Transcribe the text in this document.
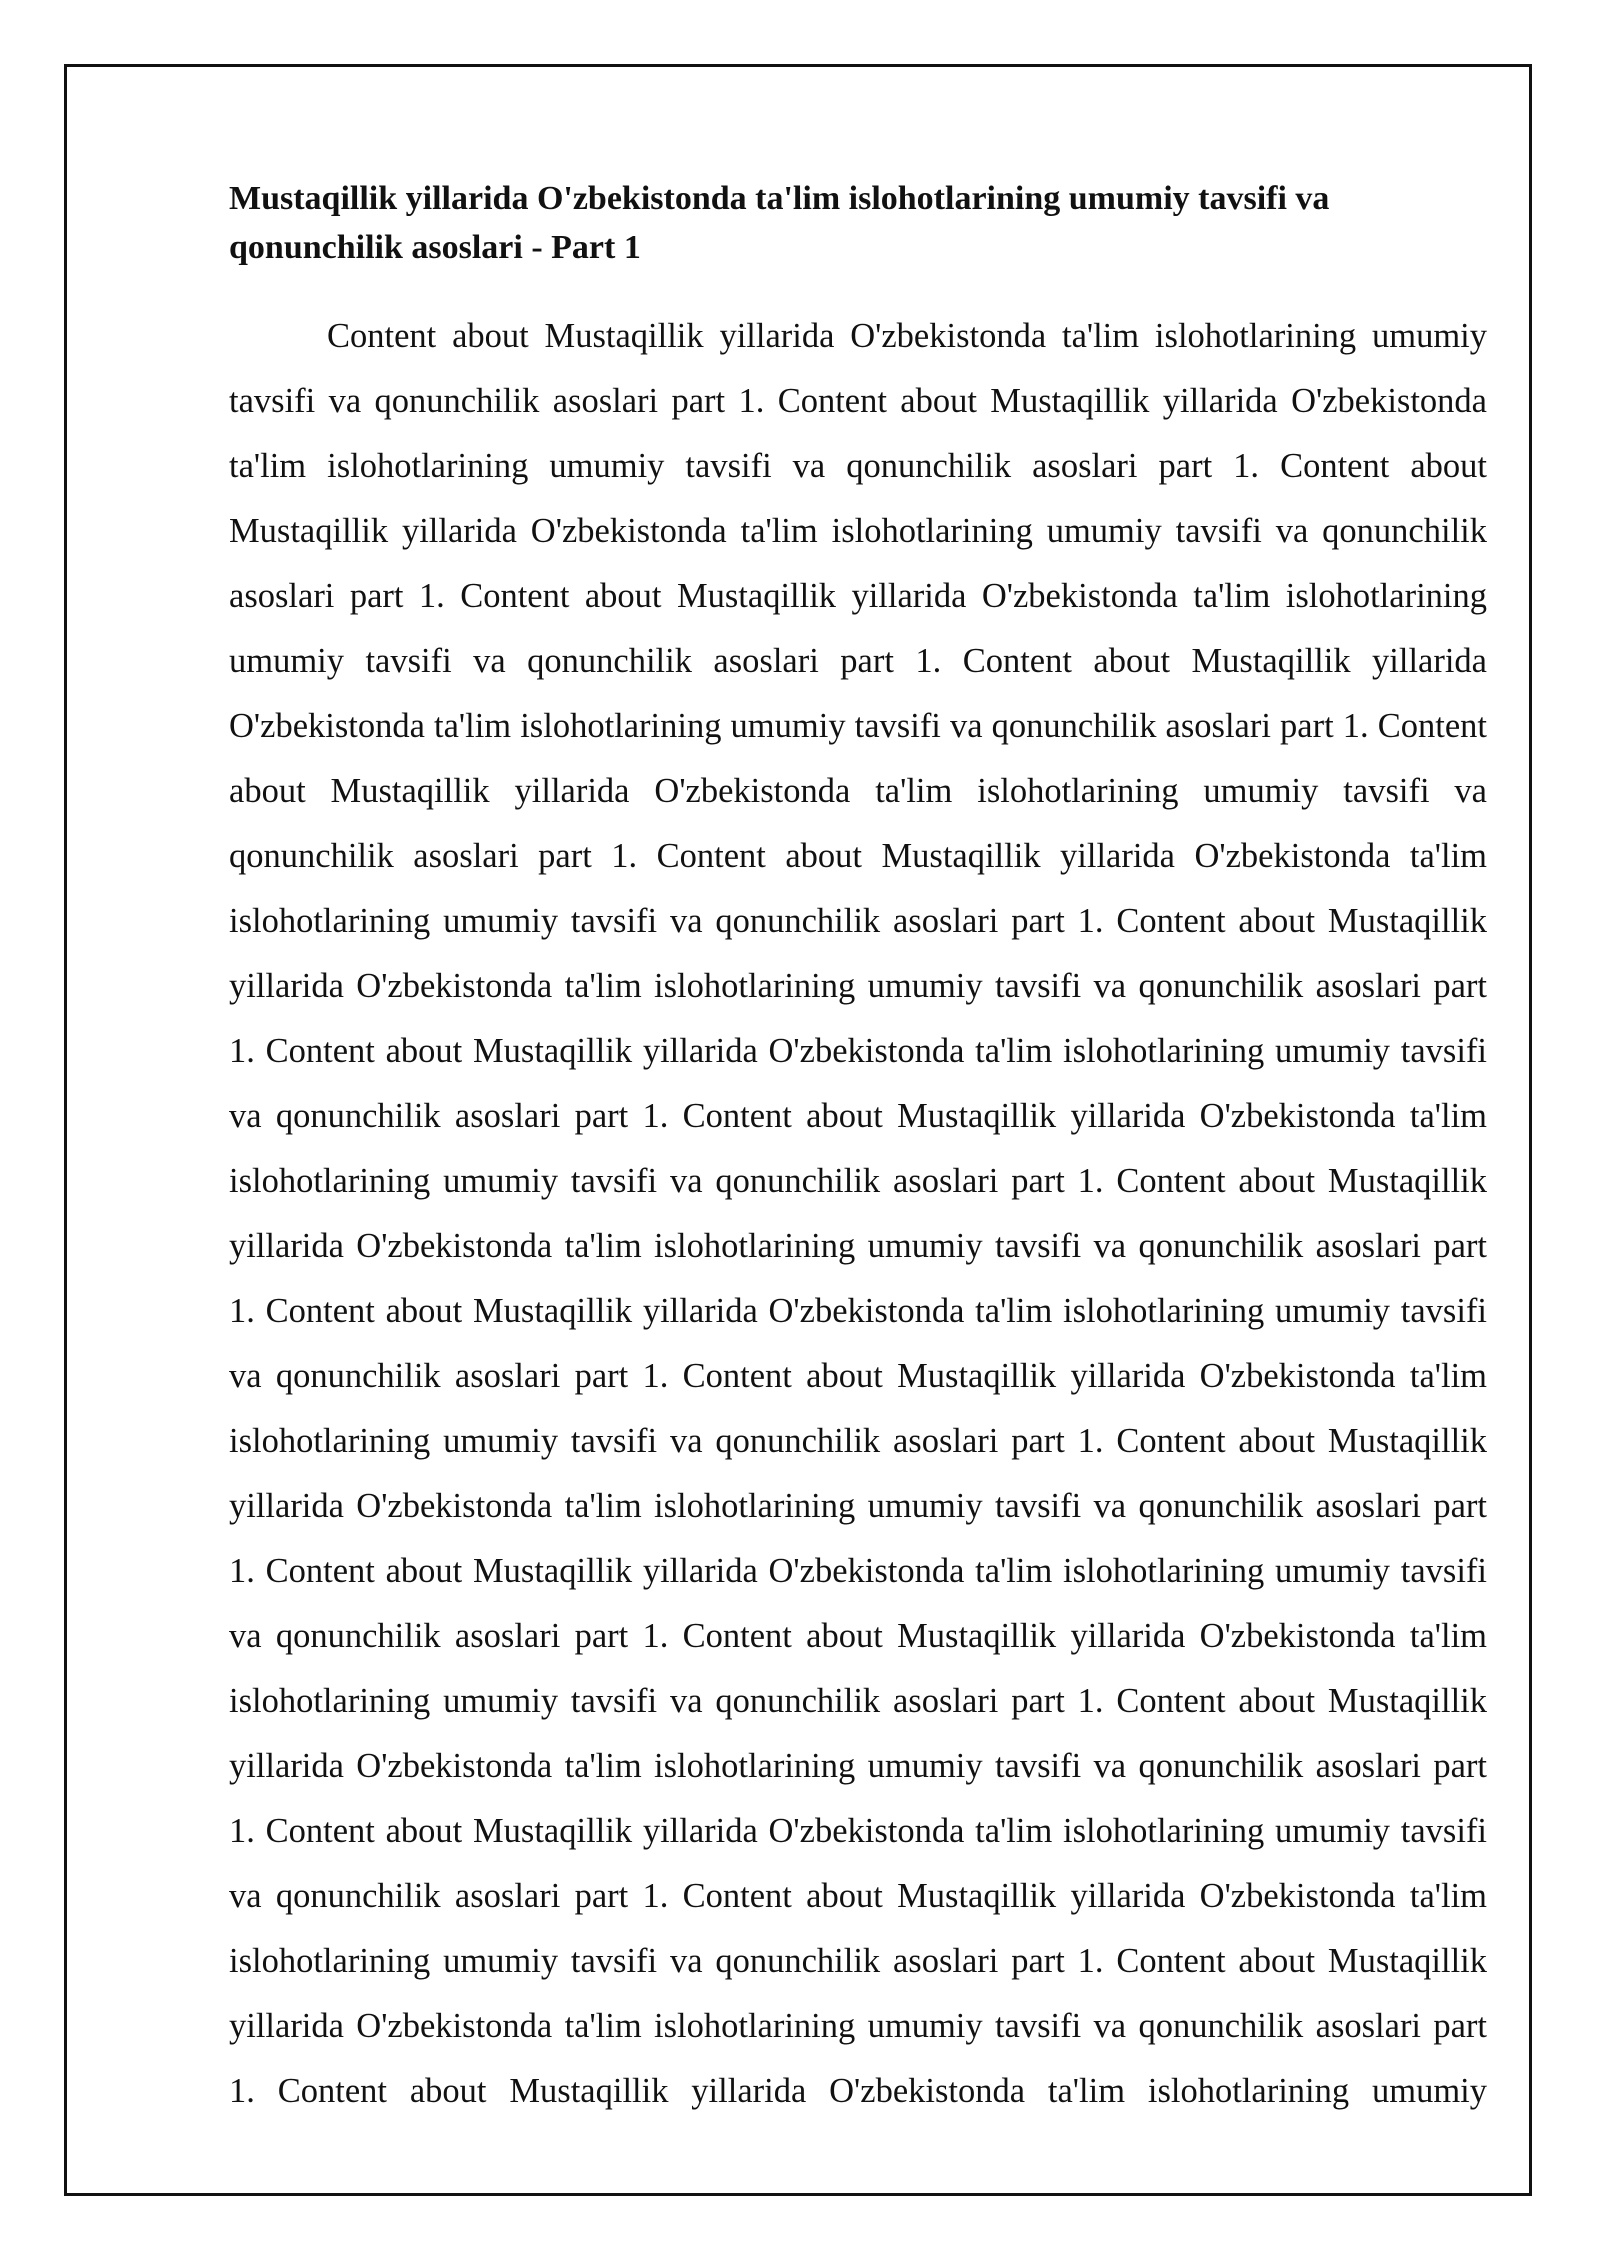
Mustaqillik yillarida O'zbekistonda ta'lim islohotlarining umumiy tavsifi va qonunchilik asoslari - Part 1

Content about Mustaqillik yillarida O'zbekistonda ta'lim islohotlarining umumiy tavsifi va qonunchilik asoslari part 1. Content about Mustaqillik yillarida O'zbekistonda ta'lim islohotlarining umumiy tavsifi va qonunchilik asoslari part 1. Content about Mustaqillik yillarida O'zbekistonda ta'lim islohotlarining umumiy tavsifi va qonunchilik asoslari part 1. Content about Mustaqillik yillarida O'zbekistonda ta'lim islohotlarining umumiy tavsifi va qonunchilik asoslari part 1. Content about Mustaqillik yillarida O'zbekistonda ta'lim islohotlarining umumiy tavsifi va qonunchilik asoslari part 1. Content about Mustaqillik yillarida O'zbekistonda ta'lim islohotlarining umumiy tavsifi va qonunchilik asoslari part 1. Content about Mustaqillik yillarida O'zbekistonda ta'lim islohotlarining umumiy tavsifi va qonunchilik asoslari part 1. Content about Mustaqillik yillarida O'zbekistonda ta'lim islohotlarining umumiy tavsifi va qonunchilik asoslari part 1. Content about Mustaqillik yillarida O'zbekistonda ta'lim islohotlarining umumiy tavsifi va qonunchilik asoslari part 1. Content about Mustaqillik yillarida O'zbekistonda ta'lim islohotlarining umumiy tavsifi va qonunchilik asoslari part 1. Content about Mustaqillik yillarida O'zbekistonda ta'lim islohotlarining umumiy tavsifi va qonunchilik asoslari part 1. Content about Mustaqillik yillarida O'zbekistonda ta'lim islohotlarining umumiy tavsifi va qonunchilik asoslari part 1. Content about Mustaqillik yillarida O'zbekistonda ta'lim islohotlarining umumiy tavsifi va qonunchilik asoslari part 1. Content about Mustaqillik yillarida O'zbekistonda ta'lim islohotlarining umumiy tavsifi va qonunchilik asoslari part 1. Content about Mustaqillik yillarida O'zbekistonda ta'lim islohotlarining umumiy tavsifi va qonunchilik asoslari part 1. Content about Mustaqillik yillarida O'zbekistonda ta'lim islohotlarining umumiy tavsifi va qonunchilik asoslari part 1. Content about Mustaqillik yillarida O'zbekistonda ta'lim islohotlarining umumiy tavsifi va qonunchilik asoslari part 1. Content about Mustaqillik yillarida O'zbekistonda ta'lim islohotlarining umumiy tavsifi va qonunchilik asoslari part 1. Content about Mustaqillik yillarida O'zbekistonda ta'lim islohotlarining umumiy tavsifi va qonunchilik asoslari part 1. Content about Mustaqillik yillarida O'zbekistonda ta'lim islohotlarining umumiy tavsifi va qonunchilik asoslari part 1. Content about Mustaqillik yillarida O'zbekistonda ta'lim islohotlarining umumiy
